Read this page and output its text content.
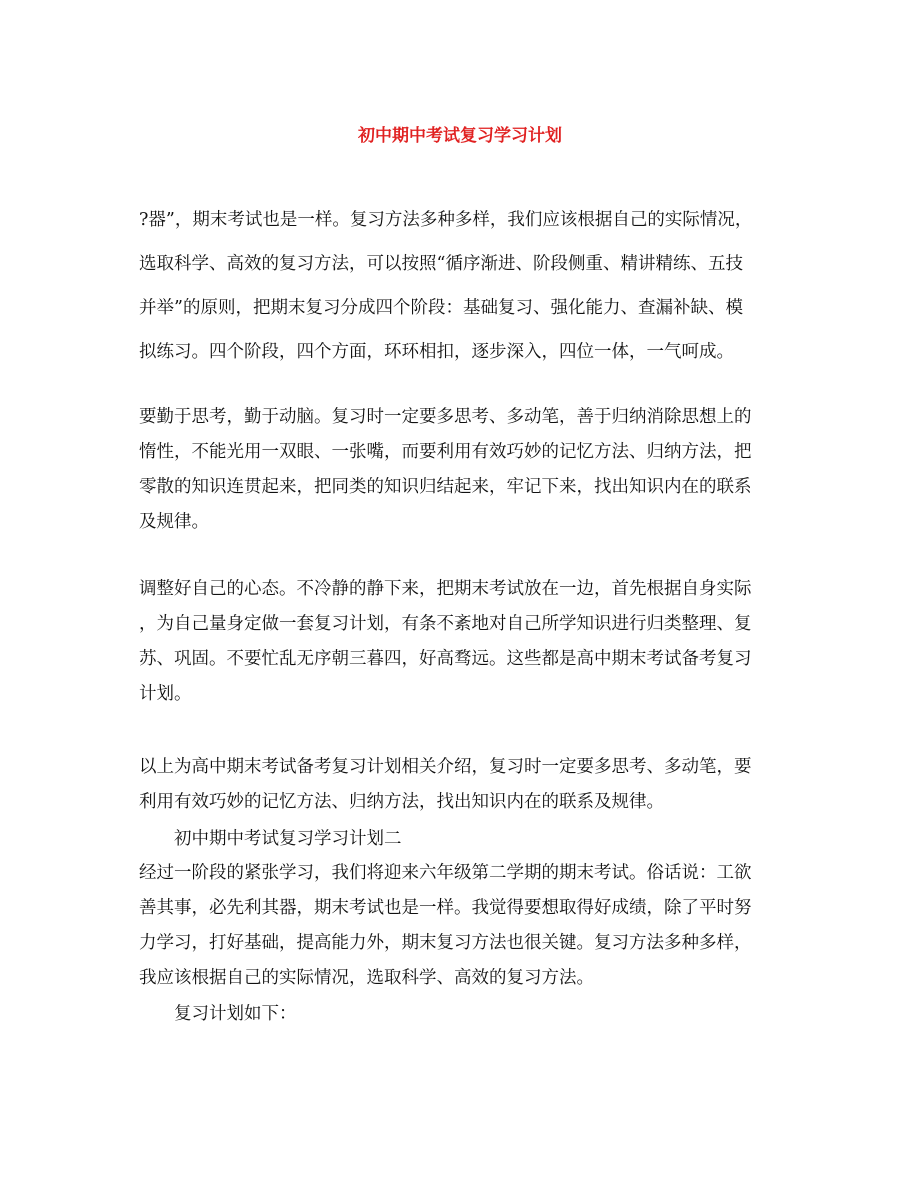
初中期中考试复习学习计划
?器”，期末考试也是一样。复习方法多种多样，我们应该根据自己的实际情况，
选取科学、高效的复习方法，可以按照“循序渐进、阶段侧重、精讲精练、五技
并举”的原则，把期末复习分成四个阶段：基础复习、强化能力、查漏补缺、模
拟练习。四个阶段，四个方面，环环相扣，逐步深入，四位一体，一气呵成。
要勤于思考，勤于动脑。复习时一定要多思考、多动笔，善于归纳消除思想上的
惰性，不能光用一双眼、一张嘴，而要利用有效巧妙的记忆方法、归纳方法，把
零散的知识连贯起来，把同类的知识归结起来，牢记下来，找出知识内在的联系
及规律。
调整好自己的心态。不冷静的静下来，把期末考试放在一边，首先根据自身实际
，为自己量身定做一套复习计划，有条不紊地对自己所学知识进行归类整理、复
苏、巩固。不要忙乱无序朝三暮四，好高骛远。这些都是高中期末考试备考复习
计划。
以上为高中期末考试备考复习计划相关介绍，复习时一定要多思考、多动笔，要
利用有效巧妙的记忆方法、归纳方法，找出知识内在的联系及规律。
初中期中考试复习学习计划二
经过一阶段的紧张学习，我们将迎来六年级第二学期的期末考试。俗话说：工欲
善其事，必先利其器，期末考试也是一样。我觉得要想取得好成绩，除了平时努
力学习，打好基础，提高能力外，期末复习方法也很关键。复习方法多种多样，
我应该根据自己的实际情况，选取科学、高效的复习方法。
复习计划如下：
